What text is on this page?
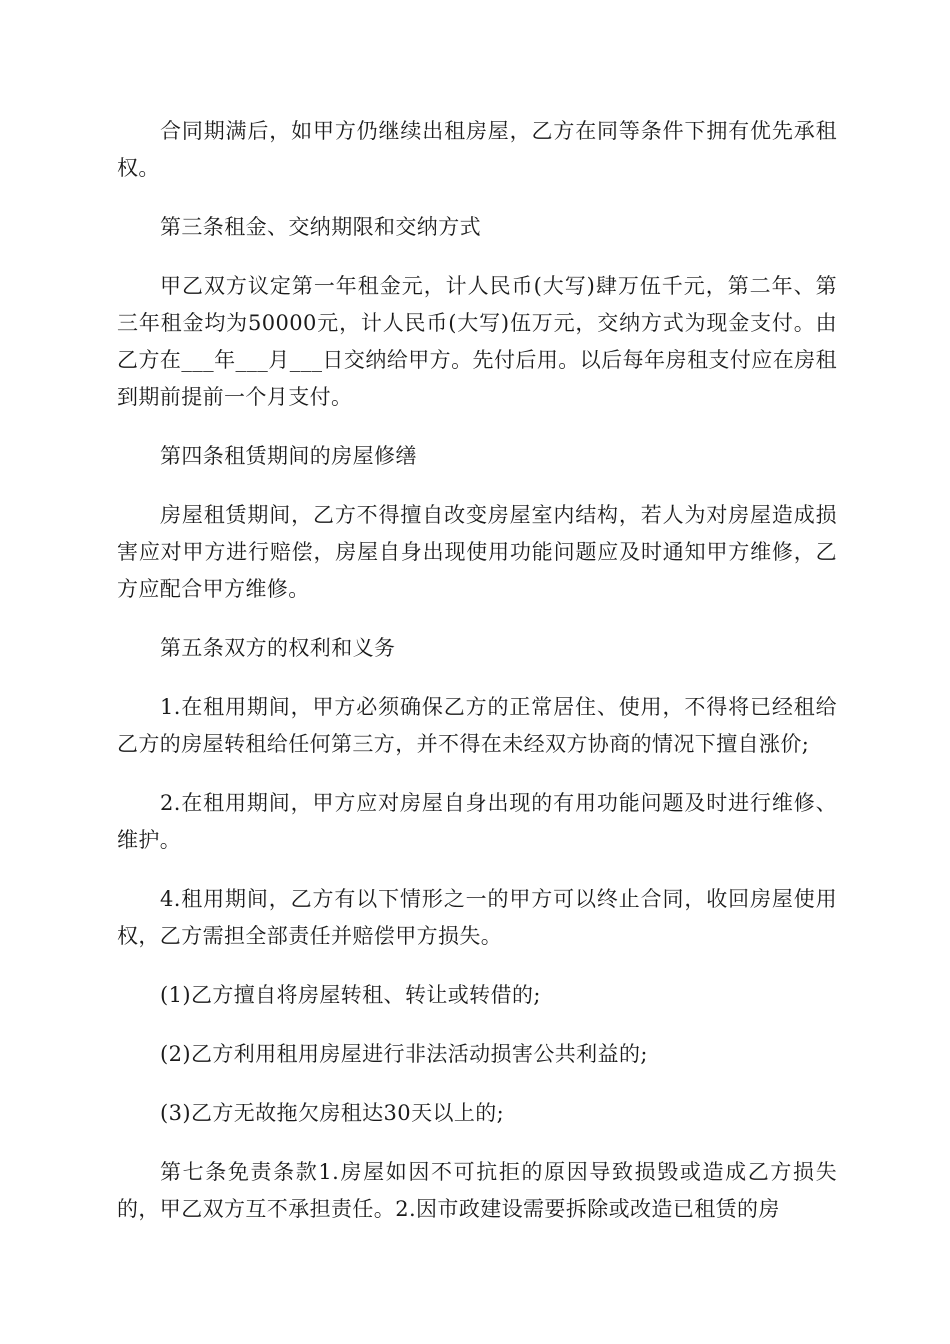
合同期满后，如甲方仍继续出租房屋，乙方在同等条件下拥有优先承租权。

第三条租金、交纳期限和交纳方式

甲乙双方议定第一年租金元，计人民币(大写)肆万伍千元，第二年、第三年租金均为50000元，计人民币(大写)伍万元，交纳方式为现金支付。由乙方在___年___月___日交纳给甲方。先付后用。以后每年房租支付应在房租到期前提前一个月支付。

第四条租赁期间的房屋修缮

房屋租赁期间，乙方不得擅自改变房屋室内结构，若人为对房屋造成损害应对甲方进行赔偿，房屋自身出现使用功能问题应及时通知甲方维修，乙方应配合甲方维修。

第五条双方的权利和义务

1.在租用期间，甲方必须确保乙方的正常居住、使用，不得将已经租给乙方的房屋转租给任何第三方，并不得在未经双方协商的情况下擅自涨价;

2.在租用期间，甲方应对房屋自身出现的有用功能问题及时进行维修、维护。

4.租用期间，乙方有以下情形之一的甲方可以终止合同，收回房屋使用权，乙方需担全部责任并赔偿甲方损失。

(1)乙方擅自将房屋转租、转让或转借的;

(2)乙方利用租用房屋进行非法活动损害公共利益的;

(3)乙方无故拖欠房租达30天以上的;

第七条免责条款1.房屋如因不可抗拒的原因导致损毁或造成乙方损失的，甲乙双方互不承担责任。2.因市政建设需要拆除或改造已租赁的房
